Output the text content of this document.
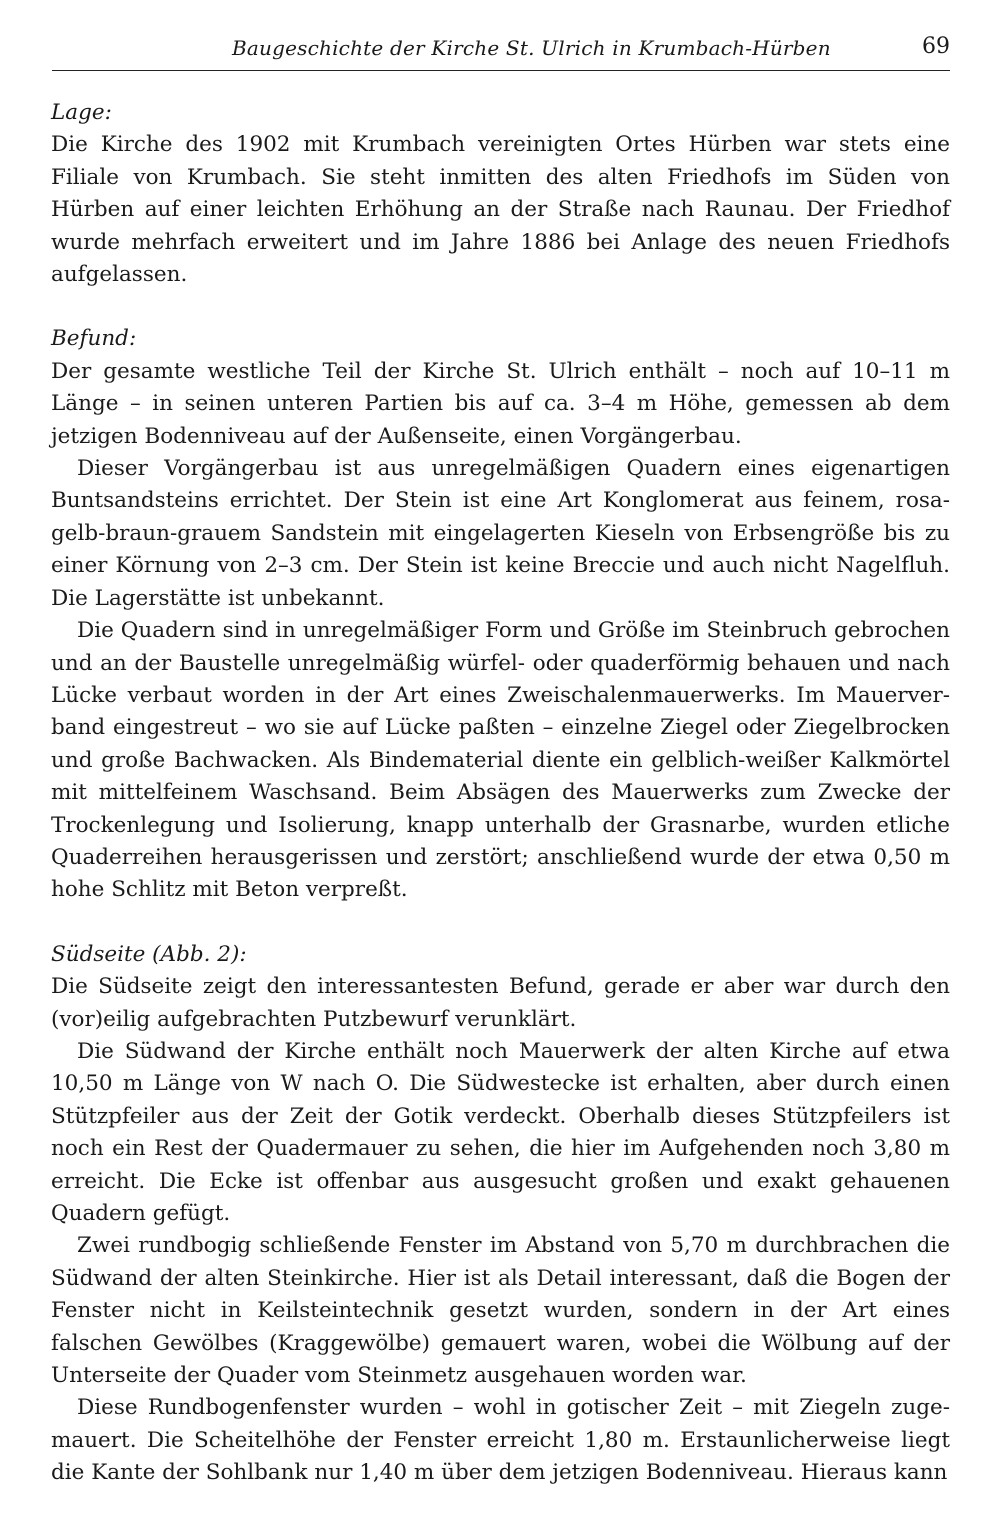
Baugeschichte der Kirche St. Ulrich in Krumbach-Hürben	69

Lage:

Die Kirche des 1902 mit Krumbach vereinigten Ortes Hürben war stets eine Filiale von Krumbach. Sie steht inmitten des alten Friedhofs im Süden von Hürben auf einer leichten Erhöhung an der Straße nach Raunau. Der Friedhof wurde mehrfach erweitert und im Jahre 1886 bei Anlage des neuen Friedhofs aufgelassen.

Befund:

Der gesamte westliche Teil der Kirche St. Ulrich enthält – noch auf 10–11 m Länge – in seinen unteren Partien bis auf ca. 3–4 m Höhe, gemessen ab dem jetzigen Bodenniveau auf der Außenseite, einen Vorgängerbau.

Dieser Vorgängerbau ist aus unregelmäßigen Quadern eines eigenartigen Buntsandsteins errichtet. Der Stein ist eine Art Konglomerat aus feinem, rosa-gelb-braun-grauem Sandstein mit eingelagerten Kieseln von Erbsengröße bis zu einer Körnung von 2–3 cm. Der Stein ist keine Breccie und auch nicht Nagelfluh. Die Lagerstätte ist unbekannt.

Die Quadern sind in unregelmäßiger Form und Größe im Steinbruch gebrochen und an der Baustelle unregelmäßig würfel- oder quaderförmig behauen und nach Lücke verbaut worden in der Art eines Zweischalenmauerwerks. Im Mauerverband eingestreut – wo sie auf Lücke paßten – einzelne Ziegel oder Ziegelbrocken und große Bachwacken. Als Bindematerial diente ein gelblich-weißer Kalkmörtel mit mittelfeinem Waschsand. Beim Absägen des Mauerwerks zum Zwecke der Trockenlegung und Isolierung, knapp unterhalb der Grasnarbe, wurden etliche Quaderreihen herausgerissen und zerstört; anschließend wurde der etwa 0,50 m hohe Schlitz mit Beton verpreßt.

Südseite (Abb. 2):

Die Südseite zeigt den interessantesten Befund, gerade er aber war durch den (vor)eilig aufgebrachten Putzbewurf verunklärt.

Die Südwand der Kirche enthält noch Mauerwerk der alten Kirche auf etwa 10,50 m Länge von W nach O. Die Südwestecke ist erhalten, aber durch einen Stützpfeiler aus der Zeit der Gotik verdeckt. Oberhalb dieses Stützpfeilers ist noch ein Rest der Quadermauer zu sehen, die hier im Aufgehenden noch 3,80 m erreicht. Die Ecke ist offenbar aus ausgesucht großen und exakt gehauenen Quadern gefügt.

Zwei rundbogig schließende Fenster im Abstand von 5,70 m durchbrachen die Südwand der alten Steinkirche. Hier ist als Detail interessant, daß die Bogen der Fenster nicht in Keilsteintechnik gesetzt wurden, sondern in der Art eines falschen Gewölbes (Kraggewölbe) gemauert waren, wobei die Wölbung auf der Unterseite der Quader vom Steinmetz ausgehauen worden war.

Diese Rundbogenfenster wurden – wohl in gotischer Zeit – mit Ziegeln zugemauert. Die Scheitelhöhe der Fenster erreicht 1,80 m. Erstaunlicherweise liegt die Kante der Sohlbank nur 1,40 m über dem jetzigen Bodenniveau. Hieraus kann
